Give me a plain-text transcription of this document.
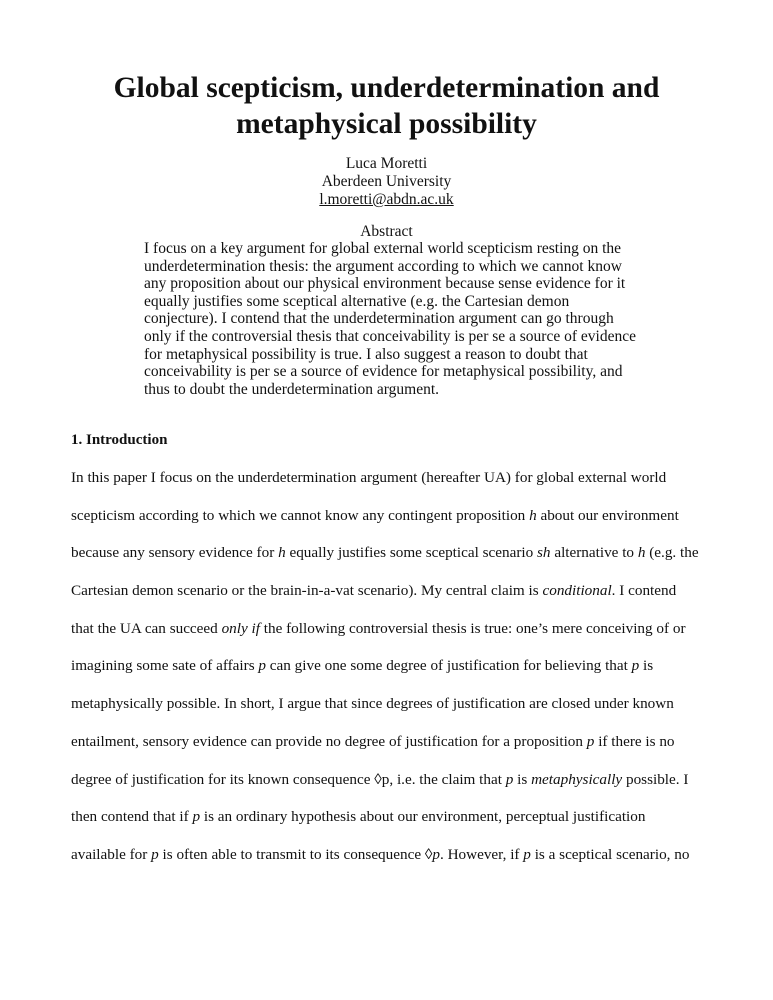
Global scepticism, underdetermination and
metaphysical possibility
Luca Moretti
Aberdeen University
l.moretti@abdn.ac.uk
Abstract
I focus on a key argument for global external world scepticism resting on the
underdetermination thesis: the argument according to which we cannot know
any proposition about our physical environment because sense evidence for it
equally justifies some sceptical alternative (e.g. the Cartesian demon
conjecture). I contend that the underdetermination argument can go through
only if the controversial thesis that conceivability is per se a source of evidence
for metaphysical possibility is true. I also suggest a reason to doubt that
conceivability is per se a source of evidence for metaphysical possibility, and
thus to doubt the underdetermination argument.
1. Introduction
In this paper I focus on the underdetermination argument (hereafter UA) for global external world
scepticism according to which we cannot know any contingent proposition h about our environment
because any sensory evidence for h equally justifies some sceptical scenario sh alternative to h (e.g. the
Cartesian demon scenario or the brain-in-a-vat scenario). My central claim is conditional. I contend
that the UA can succeed only if the following controversial thesis is true: one’s mere conceiving of or
imagining some sate of affairs p can give one some degree of justification for believing that p is
metaphysically possible. In short, I argue that since degrees of justification are closed under known
entailment, sensory evidence can provide no degree of justification for a proposition p if there is no
degree of justification for its known consequence ◊p, i.e. the claim that p is metaphysically possible. I
then contend that if p is an ordinary hypothesis about our environment, perceptual justification
available for p is often able to transmit to its consequence ◊p. However, if p is a sceptical scenario, no
